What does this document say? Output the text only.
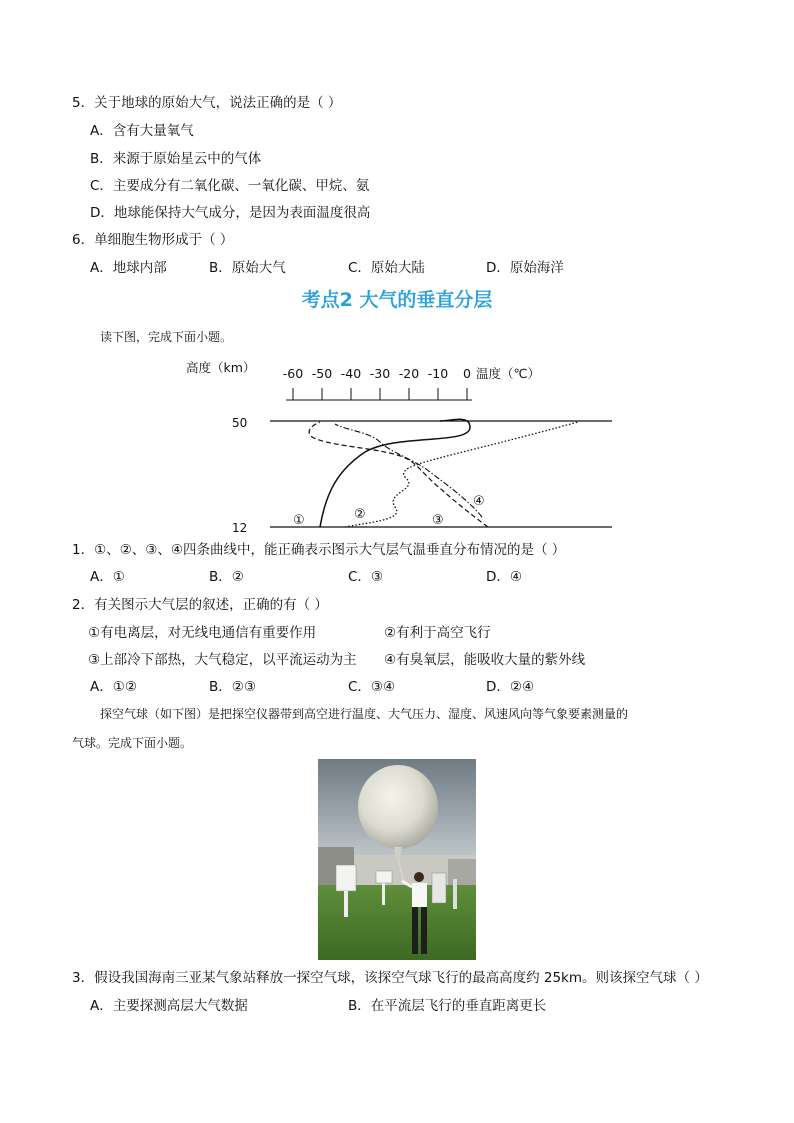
5．关于地球的原始大气，说法正确的是（ ）
A．含有大量氧气
B．来源于原始星云中的气体
C．主要成分有二氧化碳、一氧化碳、甲烷、氨
D．地球能保持大气成分，是因为表面温度很高
6．单细胞生物形成于（ ）
A．地球内部	B．原始大气	C．原始大陆	D．原始海洋
考点2 大气的垂直分层
读下图，完成下面小题。
高度（km） -60 -50 -40 -30 -20 -10 0 温度（℃）
50
12	①	②	③
④
1．①、②、③、④四条曲线中，能正确表示图示大气层气温垂直分布情况的是（ ）
A．①	B．②	C．③	D．④
2．有关图示大气层的叙述，正确的有（ ）
①有电离层，对无线电通信有重要作用	②有利于高空飞行
③上部冷下部热，大气稳定，以平流运动为主 ④有臭氧层，能吸收大量的紫外线
A．①②	B．②③	C．③④	D．②④
探空气球（如下图）是把探空仪器带到高空进行温度、大气压力、湿度、风速风向等气象要素测量的
气球。完成下面小题。
3．假设我国海南三亚某气象站释放一探空气球，该探空气球飞行的最高高度约 25km。则该探空气球（ ）
A．主要探测高层大气数据	B．在平流层飞行的垂直距离更长
